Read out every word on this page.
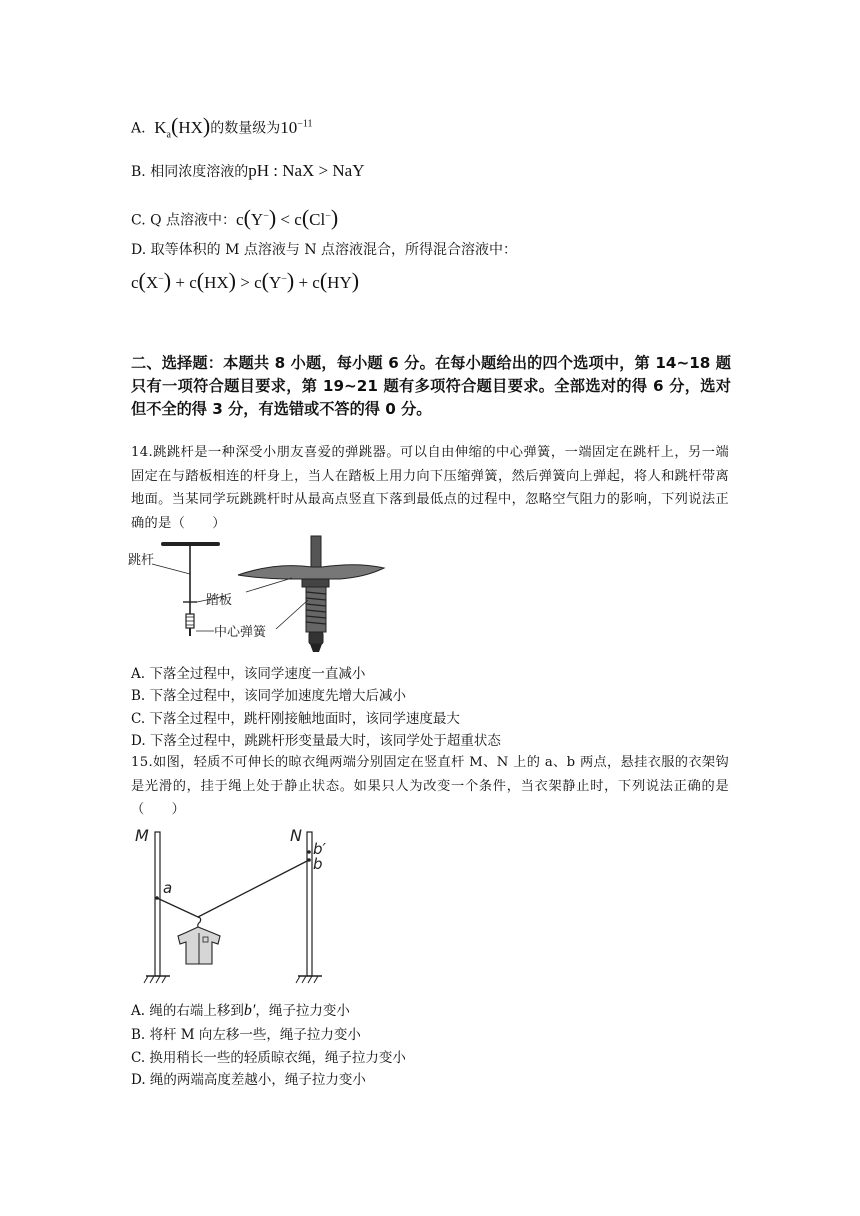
A.  $K_a(HX)$的数量级为$10^{-11}$
B. 相同浓度溶液的pH : NaX > NaY
C. Q 点溶液中：c(Y−) < c(Cl−)
D. 取等体积的 M 点溶液与 N 点溶液混合，所得混合溶液中：
c(X−) + c(HX) > c(Y−) + c(HY)
二、选择题：本题共 8 小题，每小题 6 分。在每小题给出的四个选项中，第 14~18 题只有一项符合题目要求，第 19~21 题有多项符合题目要求。全部选对的得 6 分，选对但不全的得 3 分，有选错或不答的得 0 分。
14.跳跳杆是一种深受小朋友喜爱的弹跳器。可以自由伸缩的中心弹簧，一端固定在跳杆上，另一端固定在与踏板相连的杆身上，当人在踏板上用力向下压缩弹簧，然后弹簧向上弹起，将人和跳杆带离地面。当某同学玩跳跳杆时从最高点竖直下落到最低点的过程中，忽略空气阻力的影响，下列说法正确的是（　　）
跳杆
踏板
中心弹簧
A. 下落全过程中，该同学速度一直减小
B. 下落全过程中，该同学加速度先增大后减小
C. 下落全过程中，跳杆刚接触地面时，该同学速度最大
D. 下落全过程中，跳跳杆形变量最大时，该同学处于超重状态
15.如图，轻质不可伸长的晾衣绳两端分别固定在竖直杆 M、N 上的 a、b 两点，悬挂衣服的衣架钩是光滑的，挂于绳上处于静止状态。如果只人为改变一个条件，当衣架静止时，下列说法正确的是（　　）
M	N
a
b′
b
A. 绳的右端上移到b′，绳子拉力变小
B. 将杆 M 向左移一些，绳子拉力变小
C. 换用稍长一些的轻质晾衣绳，绳子拉力变小
D. 绳的两端高度差越小，绳子拉力变小
